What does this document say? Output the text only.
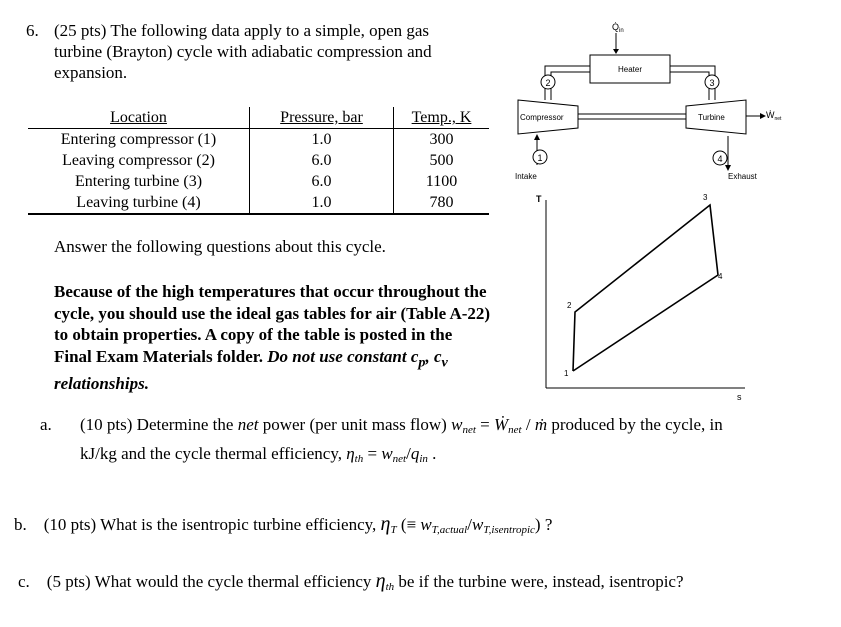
6. (25 pts) The following data apply to a simple, open gas turbine (Brayton) cycle with adiabatic compression and expansion.
Location	Pressure, bar	Temp., K
Entering compressor (1)	1.0	300
Leaving compressor (2)	6.0	500
Entering turbine (3)	6.0	1100
Leaving turbine (4)	1.0	780
Answer the following questions about this cycle.
Because of the high temperatures that occur throughout the cycle, you should use the ideal gas tables for air (Table A-22) to obtain properties. A copy of the table is posted in the Final Exam Materials folder. Do not use constant $c_p$, $c_v$ relationships.
$Q̇_{in}$
Heater
2	3
Compressor	Turbine	Ẇ$_{net}$
1
Intake
4
Exhaust
T
s
1
2
3
4
a. (10 pts) Determine the net power (per unit mass flow) $w_{net}$ = Ẇ$_{net}$ / ṁ produced by the cycle, in
kJ/kg and the cycle thermal efficiency, $\eta_{th} = w_{net}/q_{in}$ .
b. (10 pts) What is the isentropic turbine efficiency, $\eta_T$ (≡ $w_{T,actual}/w_{T,isentropic}$) ?
c. (5 pts) What would the cycle thermal efficiency $\eta_{th}$ be if the turbine were, instead, isentropic?
